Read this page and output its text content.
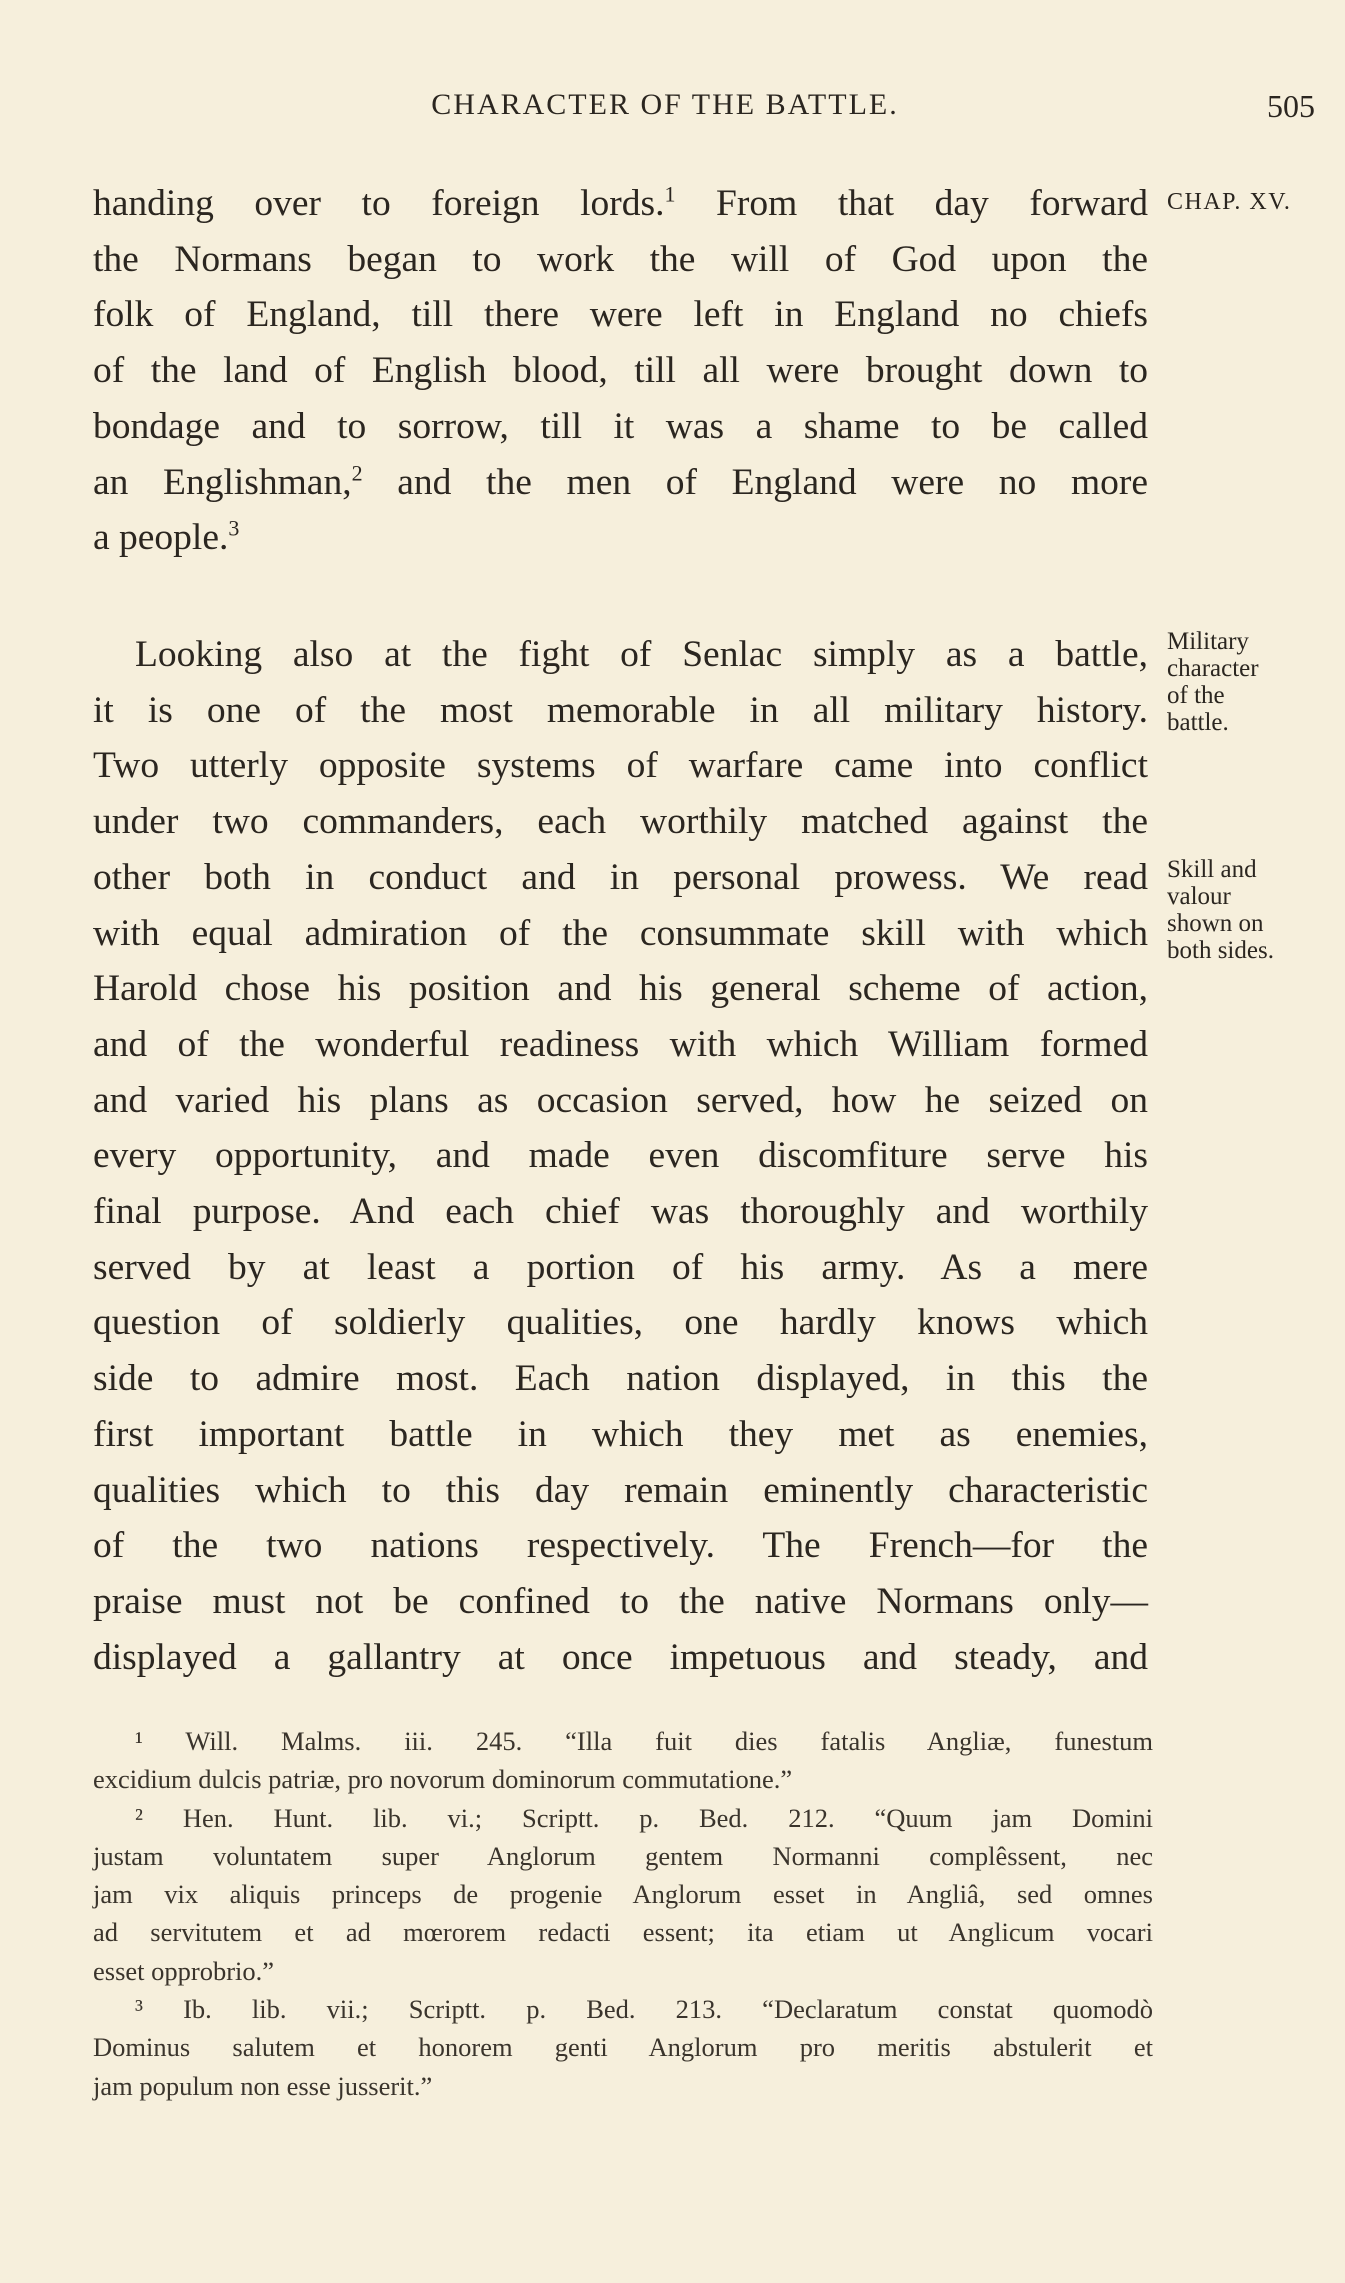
CHARACTER OF THE BATTLE.	505
CHAP. XV.
Military
character
of the
battle.
Skill and
valour
shown on
both sides.
handing over to foreign lords.$^1$ From that day forward
the Normans began to work the will of God upon the
folk of England, till there were left in England no chiefs
of the land of English blood, till all were brought down to
bondage and to sorrow, till it was a shame to be called
an Englishman,$^2$ and the men of England were no more
a people.$^3$
Looking also at the fight of Senlac simply as a battle,
it is one of the most memorable in all military history.
Two utterly opposite systems of warfare came into conflict
under two commanders, each worthily matched against the
other both in conduct and in personal prowess. We read
with equal admiration of the consummate skill with which
Harold chose his position and his general scheme of action,
and of the wonderful readiness with which William formed
and varied his plans as occasion served, how he seized on
every opportunity, and made even discomfiture serve his
final purpose. And each chief was thoroughly and worthily
served by at least a portion of his army. As a mere
question of soldierly qualities, one hardly knows which
side to admire most. Each nation displayed, in this the
first important battle in which they met as enemies,
qualities which to this day remain eminently characteristic
of the two nations respectively. The French—for the
praise must not be confined to the native Normans only—
displayed a gallantry at once impetuous and steady, and
¹ Will. Malms. iii. 245. “Illa fuit dies fatalis Angliæ, funestum
excidium dulcis patriæ, pro novorum dominorum commutatione.”
² Hen. Hunt. lib. vi.; Scriptt. p. Bed. 212. “Quum jam Domini
justam voluntatem super Anglorum gentem Normanni complêssent, nec
jam vix aliquis princeps de progenie Anglorum esset in Angliâ, sed omnes
ad servitutem et ad mœrorem redacti essent; ita etiam ut Anglicum vocari
esset opprobrio.”
³ Ib. lib. vii.; Scriptt. p. Bed. 213. “Declaratum constat quomodò
Dominus salutem et honorem genti Anglorum pro meritis abstulerit et
jam populum non esse jusserit.”
